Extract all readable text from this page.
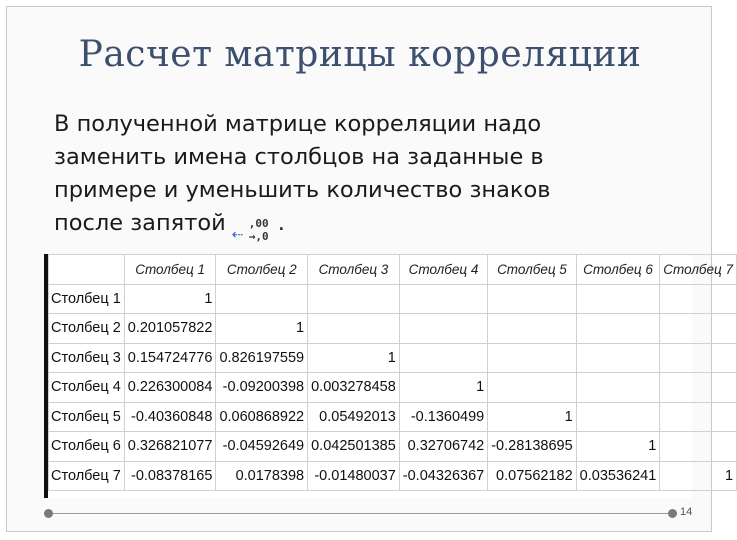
Расчет матрицы корреляции
В полученной матрице корреляции надо
заменить имена столбцов на заданные в
примере и уменьшить количество знаков
после запятой ⇠
,00
→,0
.
	Столбец 1	Столбец 2	Столбец 3	Столбец 4	Столбец 5	Столбец 6	Столбец 7
Столбец 1	1						
Столбец 2	0.201057822	1					
Столбец 3	0.154724776	0.826197559	1				
Столбец 4	0.226300084	-0.09200398	0.003278458	1			
Столбец 5	-0.40360848	0.060868922	0.05492013	-0.1360499	1		
Столбец 6	0.326821077	-0.04592649	0.042501385	0.32706742	-0.28138695	1	
Столбец 7	-0.08378165	0.0178398	-0.01480037	-0.04326367	0.07562182	0.03536241	1
14
